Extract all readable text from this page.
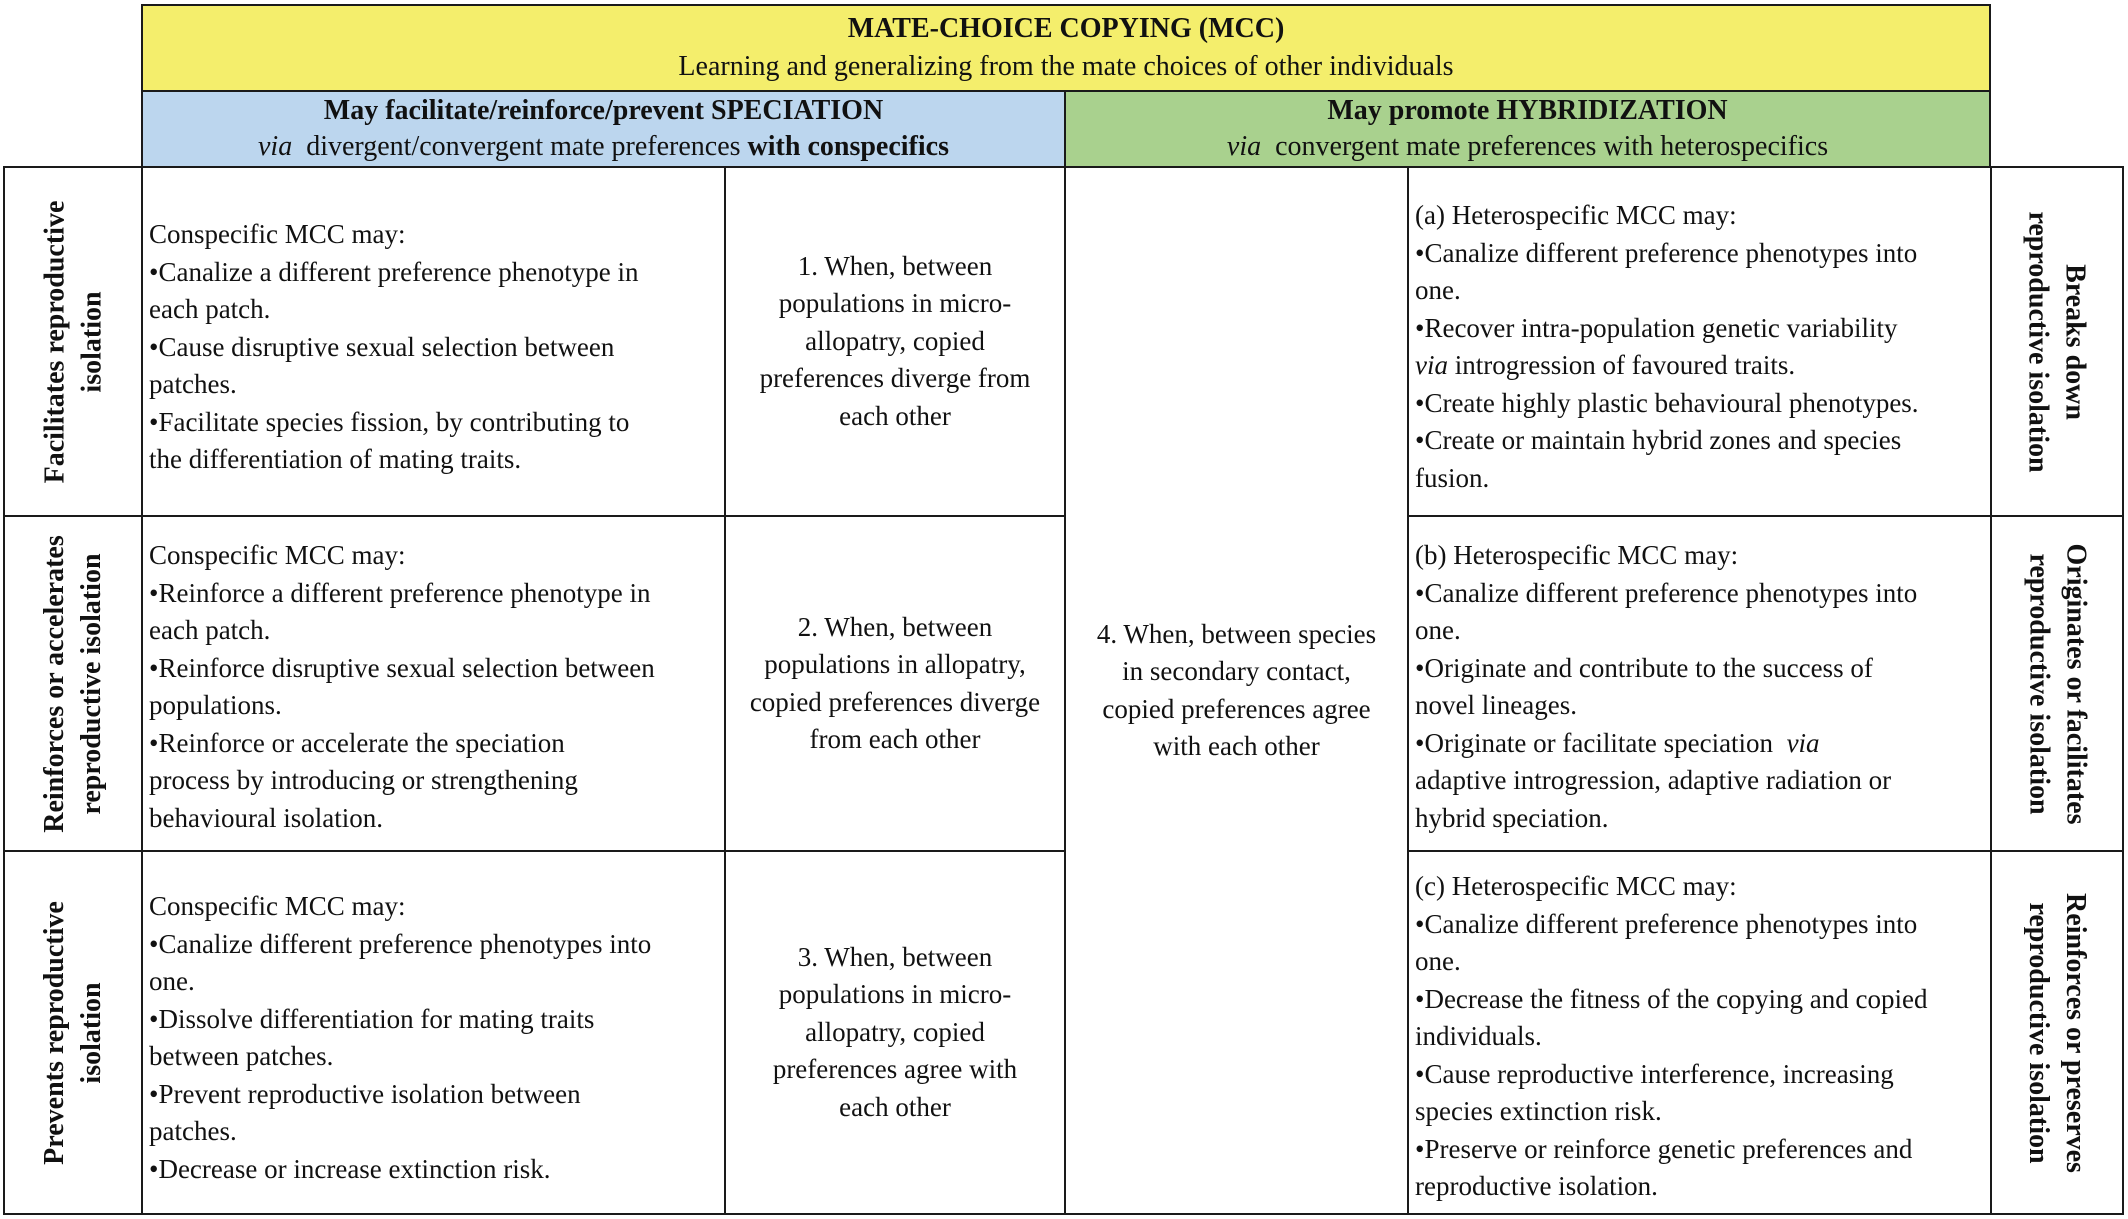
MATE-CHOICE COPYING (MCC)
Learning and generalizing from the mate choices of other individuals
May facilitate/reinforce/prevent SPECIATION
via divergent/convergent mate preferences with conspecifics
May promote HYBRIDIZATION
via convergent mate preferences with heterospecifics
Facilitates reproductive isolation
Reinforces or accelerates reproductive isolation
Prevents reproductive isolation
Conspecific MCC may:
•Canalize a different preference phenotype in
each patch.
•Cause disruptive sexual selection between
patches.
•Facilitate species fission, by contributing to
the differentiation of mating traits.
Conspecific MCC may:
•Reinforce a different preference phenotype in
each patch.
•Reinforce disruptive sexual selection between
populations.
•Reinforce or accelerate the speciation
process by introducing or strengthening
behavioural isolation.
Conspecific MCC may:
•Canalize different preference phenotypes into
one.
•Dissolve differentiation for mating traits
between patches.
•Prevent reproductive isolation between
patches.
•Decrease or increase extinction risk.
1. When, between
populations in micro-
allopatry, copied
preferences diverge from
each other
2. When, between
populations in allopatry,
copied preferences diverge
from each other
3. When, between
populations in micro-
allopatry, copied
preferences agree with
each other
4. When, between species
in secondary contact,
copied preferences agree
with each other
(a) Heterospecific MCC may:
•Canalize different preference phenotypes into
one.
•Recover intra-population genetic variability
via introgression of favoured traits.
•Create highly plastic behavioural phenotypes.
•Create or maintain hybrid zones and species
fusion.
(b) Heterospecific MCC may:
•Canalize different preference phenotypes into
one.
•Originate and contribute to the success of
novel lineages.
•Originate or facilitate speciation  via
adaptive introgression, adaptive radiation or
hybrid speciation.
(c) Heterospecific MCC may:
•Canalize different preference phenotypes into
one.
•Decrease the fitness of the copying and copied
individuals.
•Cause reproductive interference, increasing
species extinction risk.
•Preserve or reinforce genetic preferences and
reproductive isolation.
Breaks down
reproductive isolation
Originates or facilitates
reproductive isolation
Reinforces or preserves
reproductive isolation
